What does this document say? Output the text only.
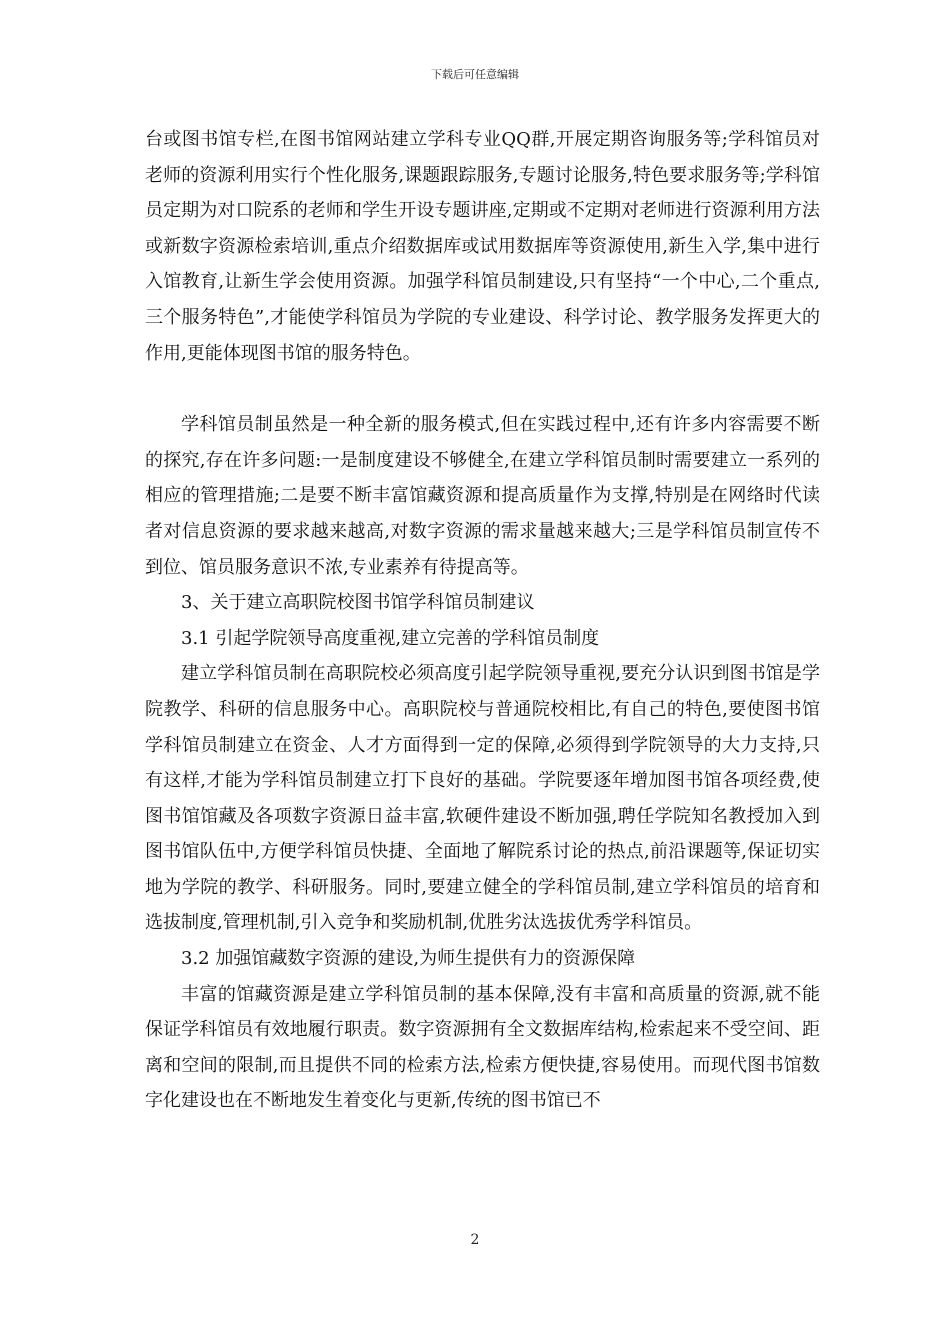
下载后可任意编辑

台或图书馆专栏,在图书馆网站建立学科专业QQ群,开展定期咨询服务等;学科馆员对老师的资源利用实行个性化服务,课题跟踪服务,专题讨论服务,特色要求服务等;学科馆员定期为对口院系的老师和学生开设专题讲座,定期或不定期对老师进行资源利用方法或新数字资源检索培训,重点介绍数据库或试用数据库等资源使用,新生入学,集中进行入馆教育,让新生学会使用资源。加强学科馆员制建设,只有坚持“一个中心,二个重点,三个服务特色”,才能使学科馆员为学院的专业建设、科学讨论、教学服务发挥更大的作用,更能体现图书馆的服务特色。

学科馆员制虽然是一种全新的服务模式,但在实践过程中,还有许多内容需要不断的探究,存在许多问题:一是制度建设不够健全,在建立学科馆员制时需要建立一系列的相应的管理措施;二是要不断丰富馆藏资源和提高质量作为支撑,特别是在网络时代读者对信息资源的要求越来越高,对数字资源的需求量越来越大;三是学科馆员制宣传不到位、馆员服务意识不浓,专业素养有待提高等。

3、关于建立高职院校图书馆学科馆员制建议

3.1 引起学院领导高度重视,建立完善的学科馆员制度

建立学科馆员制在高职院校必须高度引起学院领导重视,要充分认识到图书馆是学院教学、科研的信息服务中心。高职院校与普通院校相比,有自己的特色,要使图书馆学科馆员制建立在资金、人才方面得到一定的保障,必须得到学院领导的大力支持,只有这样,才能为学科馆员制建立打下良好的基础。学院要逐年增加图书馆各项经费,使图书馆馆藏及各项数字资源日益丰富,软硬件建设不断加强,聘任学院知名教授加入到图书馆队伍中,方便学科馆员快捷、全面地了解院系讨论的热点,前沿课题等,保证切实地为学院的教学、科研服务。同时,要建立健全的学科馆员制,建立学科馆员的培育和选拔制度,管理机制,引入竞争和奖励机制,优胜劣汰选拔优秀学科馆员。

3.2 加强馆藏数字资源的建设,为师生提供有力的资源保障

丰富的馆藏资源是建立学科馆员制的基本保障,没有丰富和高质量的资源,就不能保证学科馆员有效地履行职责。数字资源拥有全文数据库结构,检索起来不受空间、距离和空间的限制,而且提供不同的检索方法,检索方便快捷,容易使用。而现代图书馆数字化建设也在不断地发生着变化与更新,传统的图书馆已不

2
